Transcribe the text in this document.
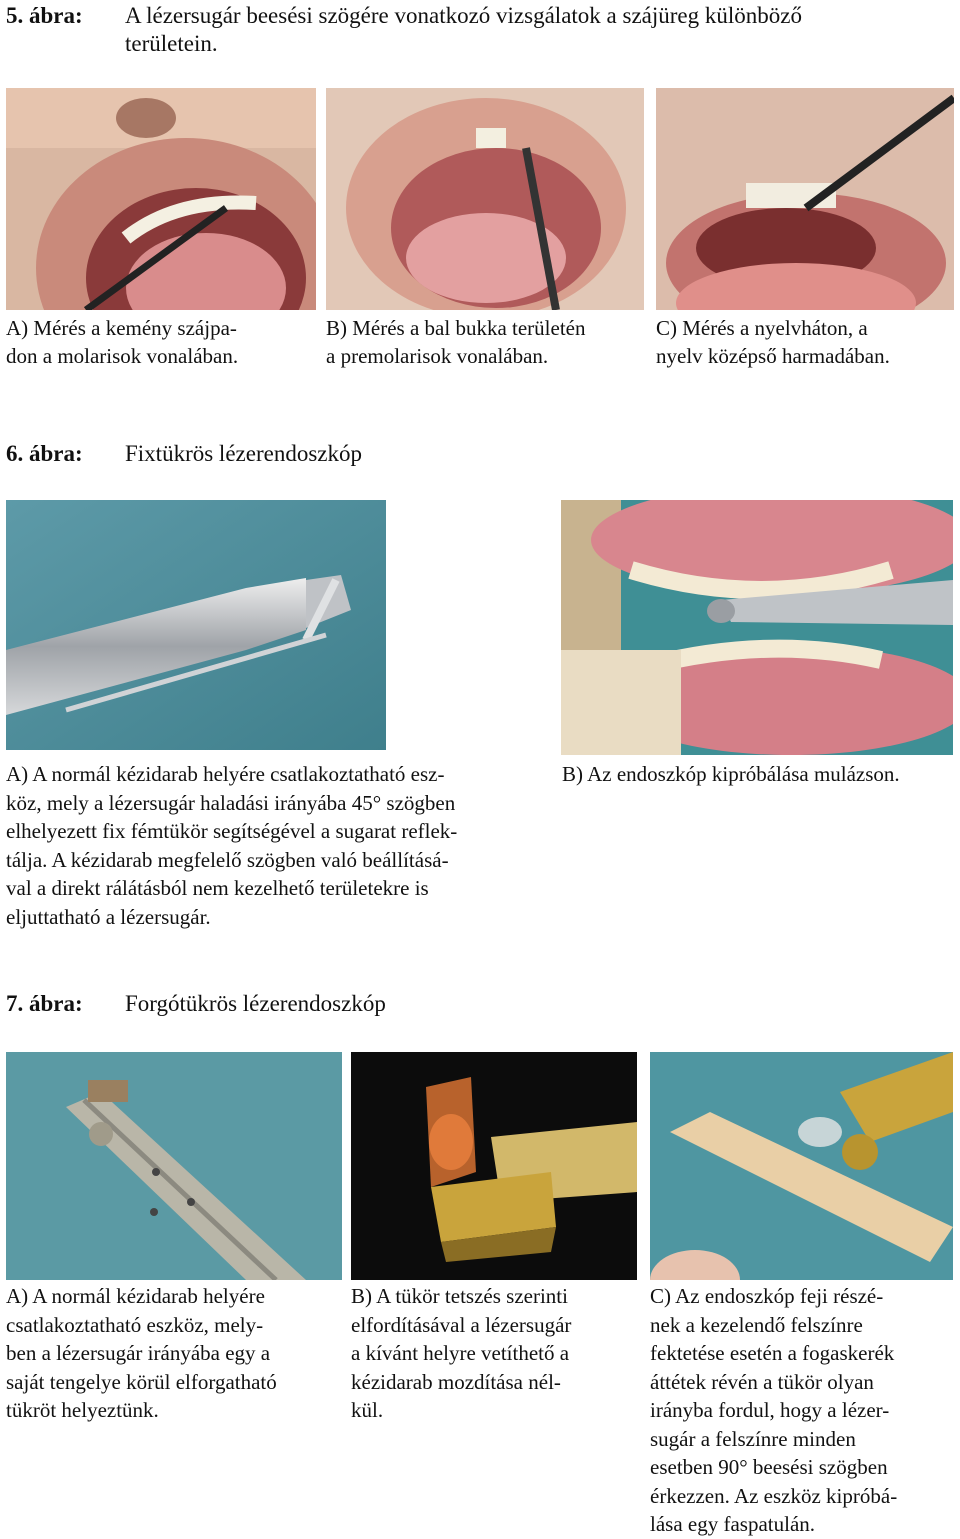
5. ábra: A lézersugár beesési szögére vonatkozó vizsgálatok a szájüreg különböző
területein.
A) Mérés a kemény szájpa-
don a molarisok vonalában.
B) Mérés a bal bukka területén
a premolarisok vonalában.
C) Mérés a nyelvháton, a
nyelv középső harmadában.
6. ábra: Fixtükrös lézerendoszkóp
A) A normál kézidarab helyére csatlakoztatható esz-
köz, mely a lézersugár haladási irányába 45° szögben
elhelyezett fix fémtükör segítségével a sugarat reflek-
tálja. A kézidarab megfelelő szögben való beállításá-
val a direkt rálátásból nem kezelhető területekre is
eljuttatható a lézersugár.
B) Az endoszkóp kipróbálása mulázson.
7. ábra: Forgótükrös lézerendoszkóp
A) A normál kézidarab helyére
csatlakoztatható eszköz, mely-
ben a lézersugár irányába egy a
saját tengelye körül elforgatható
tükröt helyeztünk.
B) A tükör tetszés szerinti
elfordításával a lézersugár
a kívánt helyre vetíthető a
kézidarab mozdítása nél-
kül.
C) Az endoszkóp feji részé-
nek a kezelendő felszínre
fektetése esetén a fogaskerék
áttétek révén a tükör olyan
irányba fordul, hogy a lézer-
sugár a felszínre minden
esetben 90° beesési szögben
érkezzen. Az eszköz kipróbá-
lása egy faspatulán.
